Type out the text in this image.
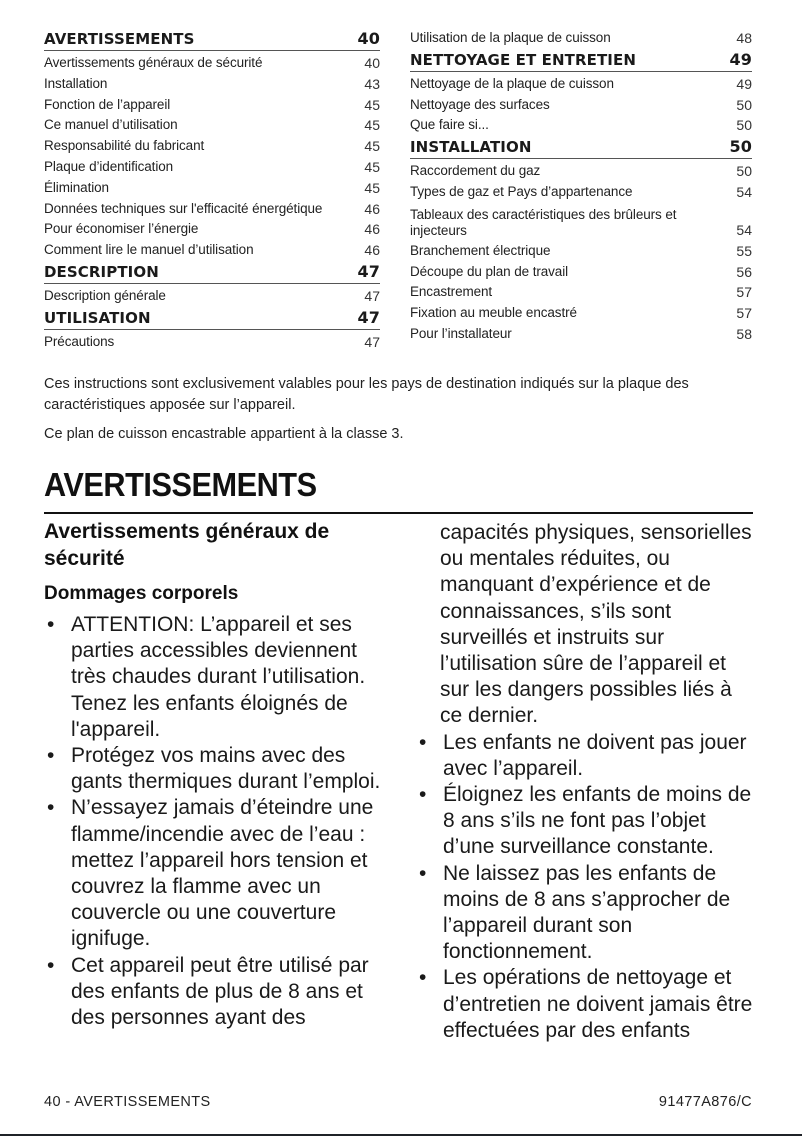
AVERTISSEMENTS	40
Avertissements généraux de sécurité	40
Installation	43
Fonction de l’appareil	45
Ce manuel d’utilisation	45
Responsabilité du fabricant	45
Plaque d’identification	45
Élimination	45
Données techniques sur l'efficacité énergétique	46
Pour économiser l’énergie	46
Comment lire le manuel d’utilisation	46
DESCRIPTION	47
Description générale	47
UTILISATION	47
Précautions	47
Utilisation de la plaque de cuisson	48
NETTOYAGE ET ENTRETIEN	49
Nettoyage de la plaque de cuisson	49
Nettoyage des surfaces	50
Que faire si...	50
INSTALLATION	50
Raccordement du gaz	50
Types de gaz et Pays d’appartenance	54
Tableaux des caractéristiques des brûleurs et injecteurs	54
Branchement électrique	55
Découpe du plan de travail	56
Encastrement	57
Fixation au meuble encastré	57
Pour l’installateur	58

Ces instructions sont exclusivement valables pour les pays de destination indiqués sur la plaque des caractéristiques apposée sur l’appareil.

Ce plan de cuisson encastrable appartient à la classe 3.

AVERTISSEMENTS
Avertissements généraux de sécurité
Dommages corporels
• ATTENTION: L’appareil et ses parties accessibles deviennent très chaudes durant l’utilisation. Tenez les enfants éloignés de l'appareil.
• Protégez vos mains avec des gants thermiques durant l’emploi.
• N’essayez jamais d’éteindre une flamme/incendie avec de l’eau : mettez l’appareil hors tension et couvrez la flamme avec un couvercle ou une couverture ignifuge.
• Cet appareil peut être utilisé par des enfants de plus de 8 ans et des personnes ayant des

capacités physiques, sensorielles ou mentales réduites, ou manquant d’expérience et de connaissances, s’ils sont surveillés et instruits sur l’utilisation sûre de l’appareil et sur les dangers possibles liés à ce dernier.

• Les enfants ne doivent pas jouer avec l’appareil.
• Éloignez les enfants de moins de 8 ans s’ils ne font pas l’objet d’une surveillance constante.
• Ne laissez pas les enfants de moins de 8 ans s’approcher de l’appareil durant son fonctionnement.
• Les opérations de nettoyage et d’entretien ne doivent jamais être effectuées par des enfants
40 - AVERTISSEMENTS	91477A876/C
